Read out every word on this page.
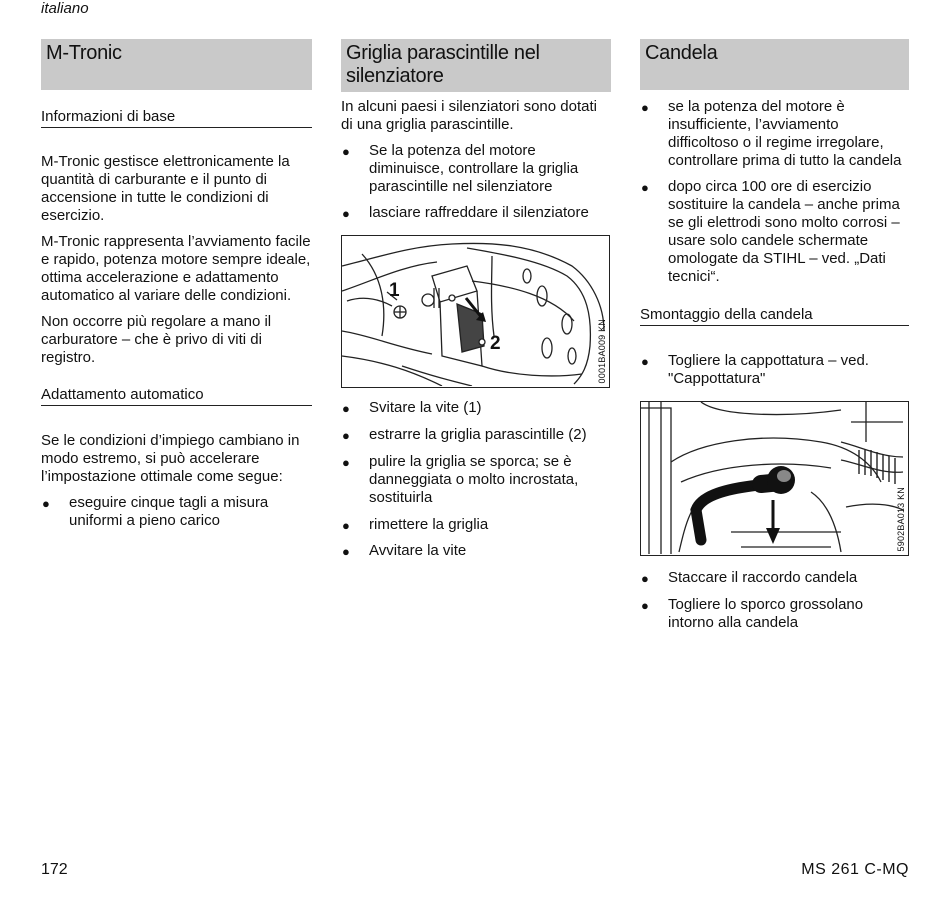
italiano
M-Tronic
Informazioni di base

M-Tronic gestisce elettronicamente la quantità di carburante e il punto di accensione in tutte le condizioni di esercizio.

M-Tronic rappresenta l’avviamento facile e rapido, potenza motore sempre ideale, ottima accelerazione e adattamento automatico al variare delle condizioni.

Non occorre più regolare a mano il carburatore – che è privo di viti di registro.

Adattamento automatico

Se le condizioni d’impiego cambiano in modo estremo, si può accelerare l’impostazione ottimale come segue:

● eseguire cinque tagli a misura uniformi a pieno carico
Griglia parascintille nel silenziatore

In alcuni paesi i silenziatori sono dotati di una griglia parascintille.

● Se la potenza del motore diminuisce, controllare la griglia parascintille nel silenziatore
● lasciare raffreddare il silenziatore
1
2	0001BA009 KN
● Svitare la vite (1)
● estrarre la griglia parascintille (2)
● pulire la griglia se sporca; se è danneggiata o molto incrostata, sostituirla
● rimettere la griglia
● Avvitare la vite
Candela
● se la potenza del motore è insufficiente, l’avviamento difficoltoso o il regime irregolare, controllare prima di tutto la candela
● dopo circa 100 ore di esercizio sostituire la candela – anche prima se gli elettrodi sono molto corrosi – usare solo candele schermate omologate da STIHL – ved. „Dati tecnici“.
Smontaggio della candela
● Togliere la cappottatura – ved. "Cappottatura"
5902BA013 KN
● Staccare il raccordo candela
● Togliere lo sporco grossolano intorno alla candela
172	MS 261 C-MQ
